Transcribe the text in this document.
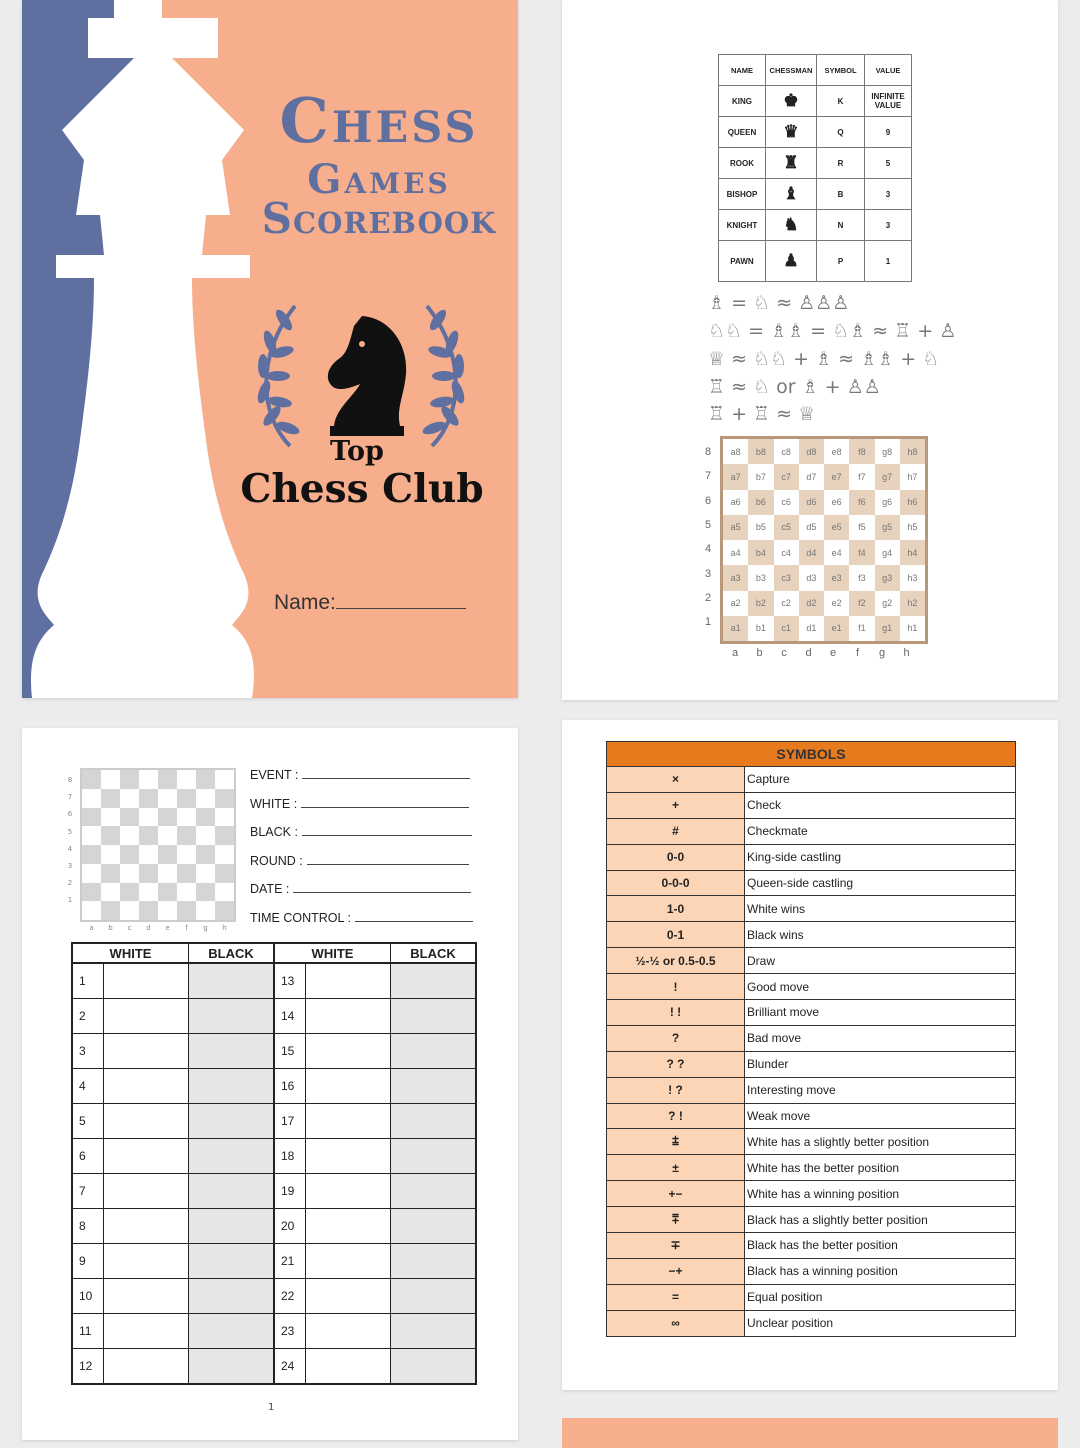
Chess
Games
Scorebook
Top
Chess Club
Name:
NAME	CHESSMAN	SYMBOL	VALUE
KING	♚	K	INFINITE VALUE
QUEEN	♛	Q	9
ROOK	♜	R	5
BISHOP	♝	B	3
KNIGHT	♞	N	3
PAWN	♟	P	1
♗ = ♘ ≈ ♙♙♙
♘♘ = ♗♗ = ♘♗ ≈ ♖ + ♙
♕ ≈ ♘♘ + ♗ ≈ ♗♗ + ♘
♖ ≈ ♘ or ♗ + ♙♙
♖ + ♖ ≈ ♕
a8	b8	c8	d8	e8	f8	g8	h8
a7	b7	c7	d7	e7	f7	g7	h7
a6	b6	c6	d6	e6	f6	g6	h6
a5	b5	c5	d5	e5	f5	g5	h5
a4	b4	c4	d4	e4	f4	g4	h4
a3	b3	c3	d3	e3	f3	g3	h3
a2	b2	c2	d2	e2	f2	g2	h2
a1	b1	c1	d1	e1	f1	g1	h1
8
7
6
5
4
3
2
1
a	b	c	d	e	f	g	h
8
7
6
5
4
3
2
1
a	b	c	d	e	f	g	h
EVENT :
WHITE :
BLACK :
ROUND :
DATE :
TIME CONTROL :
WHITE		BLACK	WHITE		BLACK
1			13		
2			14		
3			15		
4			16		
5			17		
6			18		
7			19		
8			20		
9			21		
10			22		
11			23		
12			24		
1
SYMBOLS	
×	Capture
+	Check
#	Checkmate
0-0	King-side castling
0-0-0	Queen-side castling
1-0	White wins
0-1	Black wins
½-½ or 0.5-0.5	Draw
!	Good move
! !	Brilliant move
?	Bad move
? ?	Blunder
! ?	Interesting move
? !	Weak move
⩲	White has a slightly better position
±	White has the better position
+−	White has a winning position
⩱	Black has a slightly better position
∓	Black has the better position
−+	Black has a winning position
=	Equal position
∞	Unclear position
